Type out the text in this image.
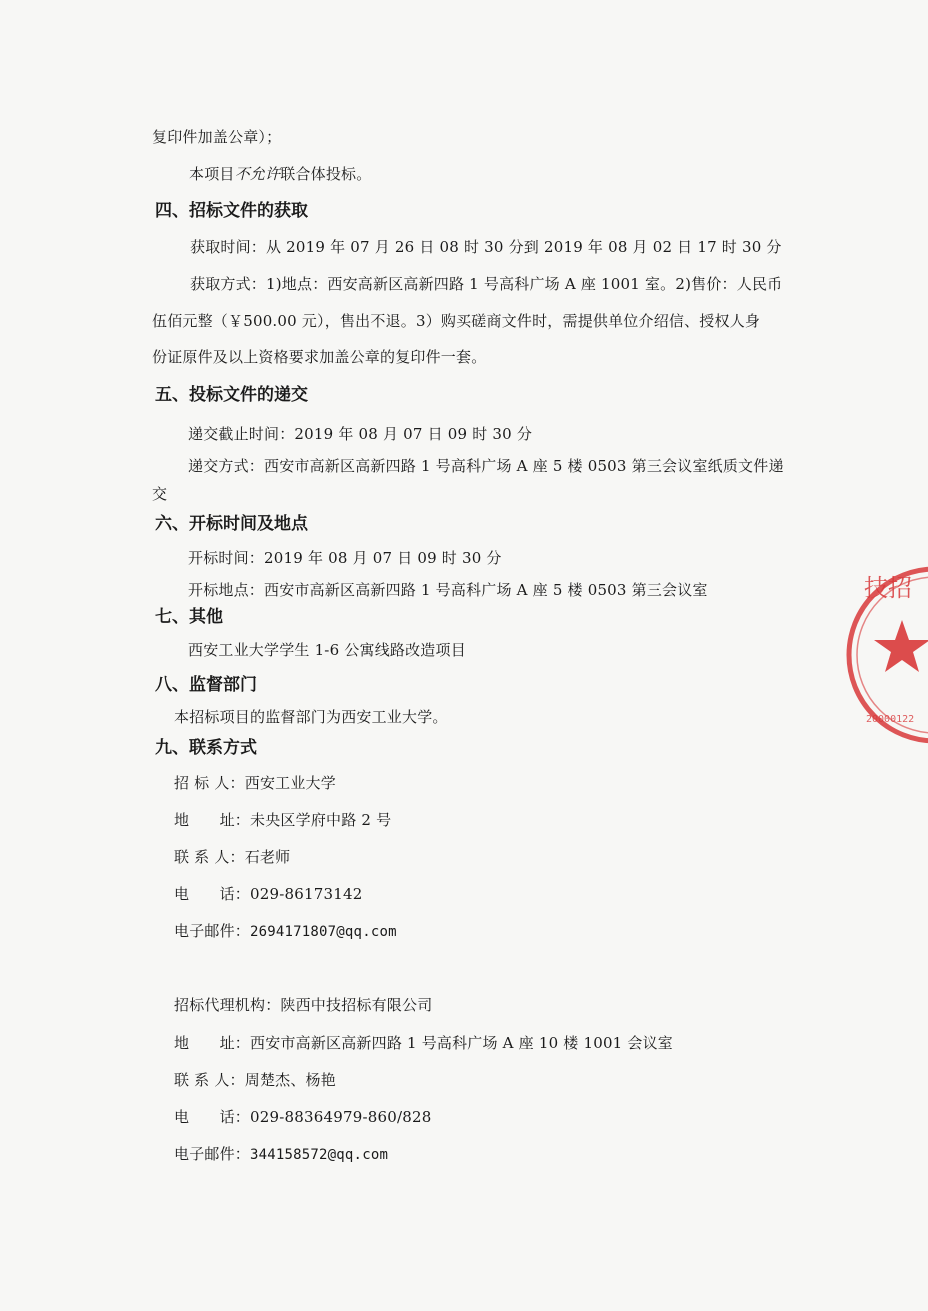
复印件加盖公章）；
本项目不允许联合体投标。
四、招标文件的获取
获取时间：从 2019 年 07 月 26 日 08 时 30 分到 2019 年 08 月 02 日 17 时 30 分
获取方式：1)地点：西安高新区高新四路 1 号高科广场 A 座 1001 室。2)售价：人民币
伍佰元整（￥500.00 元），售出不退。3）购买磋商文件时，需提供单位介绍信、授权人身
份证原件及以上资格要求加盖公章的复印件一套。
五、投标文件的递交
递交截止时间：2019 年 08 月 07 日 09 时 30 分
递交方式：西安市高新区高新四路 1 号高科广场 A 座 5 楼 0503 第三会议室纸质文件递
交
六、开标时间及地点
开标时间：2019 年 08 月 07 日 09 时 30 分
开标地点：西安市高新区高新四路 1 号高科广场 A 座 5 楼 0503 第三会议室
七、其他
西安工业大学学生 1-6 公寓线路改造项目
八、监督部门
本招标项目的监督部门为西安工业大学。
九、联系方式
招 标 人：西安工业大学
地　　址：未央区学府中路 2 号
联 系 人：石老师
电　　话：029-86173142
电子邮件：2694171807@qq.com
招标代理机构：陕西中技招标有限公司
地　　址：西安市高新区高新四路 1 号高科广场 A 座 10 楼 1001 会议室
联 系 人：周楚杰、杨艳
电　　话：029-88364979-860/828
电子邮件：344158572@qq.com
技招
20000122
